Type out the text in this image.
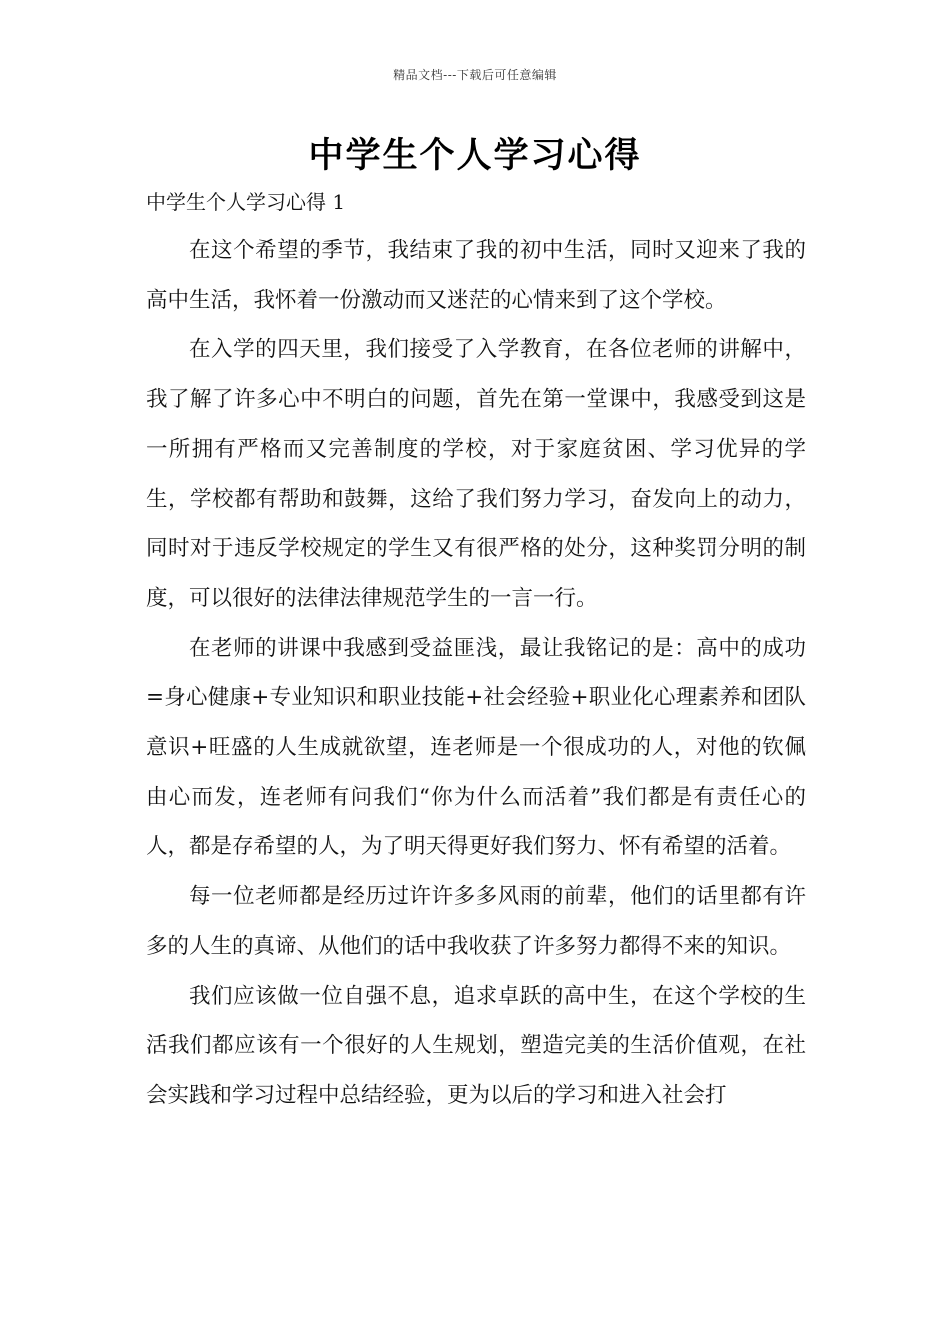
精品文档---下载后可任意编辑
中学生个人学习心得
中学生个人学习心得 1

在这个希望的季节，我结束了我的初中生活，同时又迎来了我的高中生活，我怀着一份激动而又迷茫的心情来到了这个学校。

在入学的四天里，我们接受了入学教育，在各位老师的讲解中，我了解了许多心中不明白的问题，首先在第一堂课中，我感受到这是一所拥有严格而又完善制度的学校，对于家庭贫困、学习优异的学生，学校都有帮助和鼓舞，这给了我们努力学习，奋发向上的动力，同时对于违反学校规定的学生又有很严格的处分，这种奖罚分明的制度，可以很好的法律法律规范学生的一言一行。

在老师的讲课中我感到受益匪浅，最让我铭记的是：高中的成功=身心健康+专业知识和职业技能+社会经验+职业化心理素养和团队意识+旺盛的人生成就欲望，连老师是一个很成功的人，对他的钦佩由心而发，连老师有问我们“你为什么而活着”我们都是有责任心的人，都是存希望的人，为了明天得更好我们努力、怀有希望的活着。

每一位老师都是经历过许许多多风雨的前辈，他们的话里都有许多的人生的真谛、从他们的话中我收获了许多努力都得不来的知识。

我们应该做一位自强不息，追求卓跃的高中生，在这个学校的生活我们都应该有一个很好的人生规划，塑造完美的生活价值观，在社会实践和学习过程中总结经验，更为以后的学习和进入社会打
